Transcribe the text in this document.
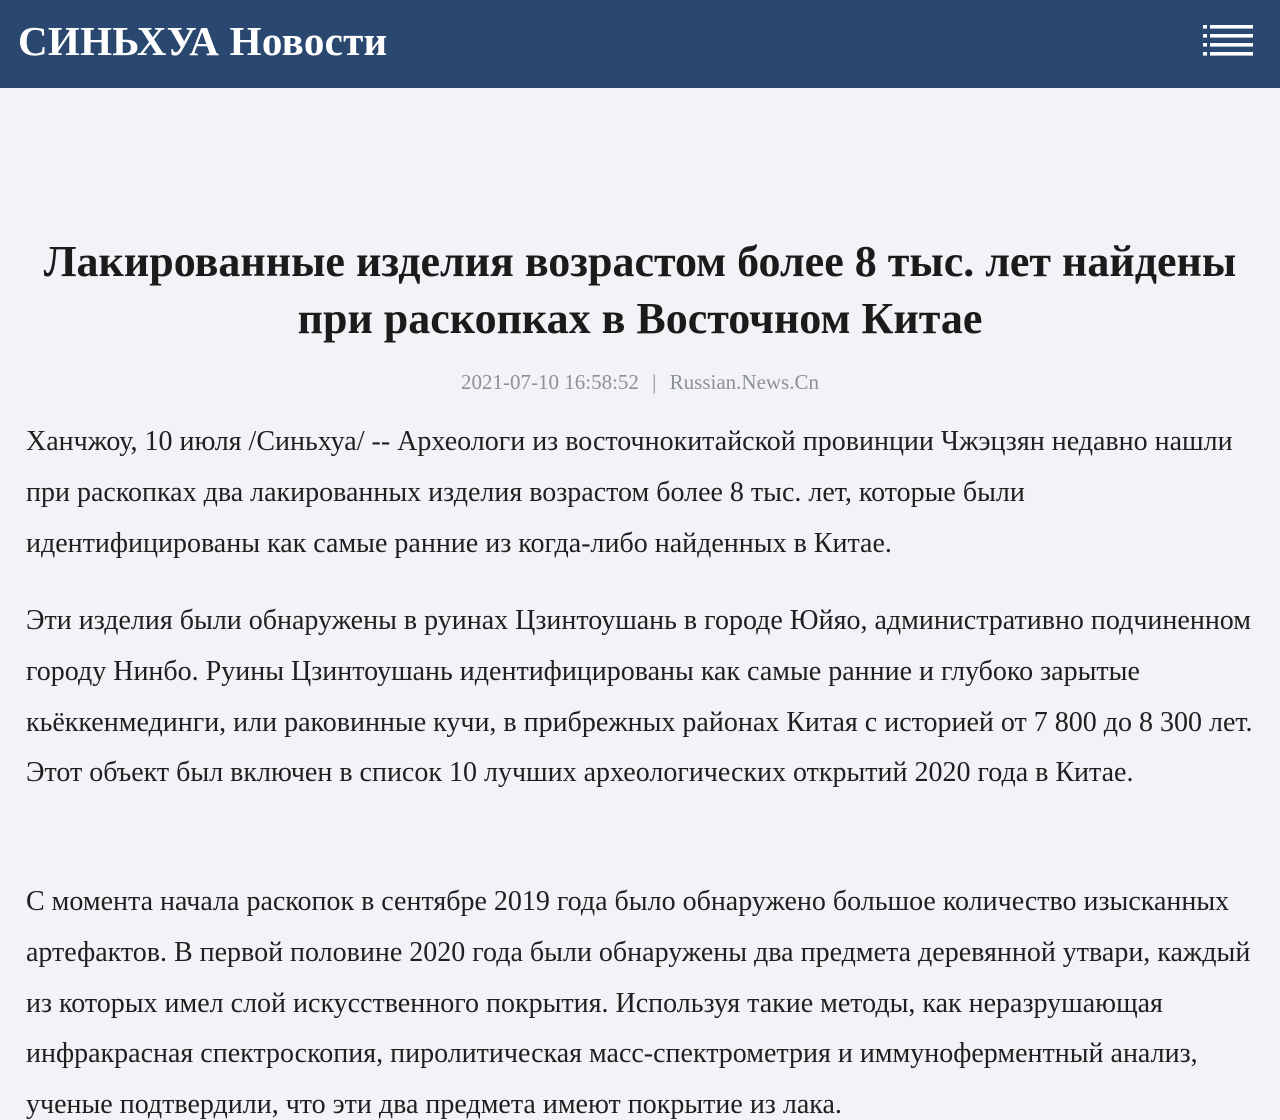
СИНЬХУА Новости
Лакированные изделия возрастом более 8 тыс. лет найдены при раскопках в Восточном Китае
2021-07-10 16:58:52 | Russian.News.Cn

Ханчжоу, 10 июля /Синьхуа/ -- Археологи из восточнокитайской провинции Чжэцзян недавно нашли при раскопках два лакированных изделия возрастом более 8 тыс. лет, которые были идентифицированы как самые ранние из когда-либо найденных в Китае.

Эти изделия были обнаружены в руинах Цзинтоушань в городе Юйяо, административно подчиненном городу Нинбо. Руины Цзинтоушань идентифицированы как самые ранние и глубоко зарытые кьёккенмединги, или раковинные кучи, в прибрежных районах Китая с историей от 7 800 до 8 300 лет. Этот объект был включен в список 10 лучших археологических открытий 2020 года в Китае.

С момента начала раскопок в сентябре 2019 года было обнаружено большое количество изысканных артефактов. В первой половине 2020 года были обнаружены два предмета деревянной утвари, каждый из которых имел слой искусственного покрытия. Используя такие методы, как неразрушающая инфракрасная спектроскопия, пиролитическая масс-спектрометрия и иммуноферментный анализ, ученые подтвердили, что эти два предмета имеют покрытие из лака.
